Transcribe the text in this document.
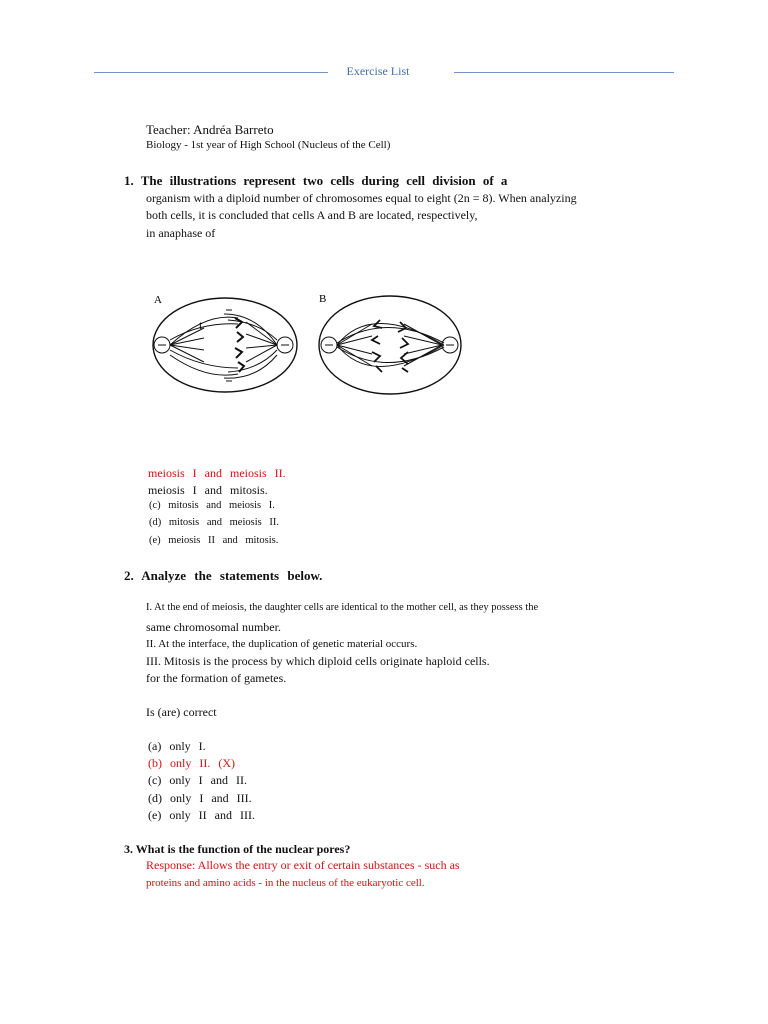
Exercise List
Teacher: Andréa Barreto
Biology - 1st year of High School (Nucleus of the Cell)
1. The illustrations represent two cells during cell division of a
organism with a diploid number of chromosomes equal to eight (2n = 8). When analyzing
both cells, it is concluded that cells A and B are located, respectively,
in anaphase of
A	B
t
meiosis I and meiosis II.
meiosis I and mitosis.
(c) mitosis and meiosis I.
(d) mitosis and meiosis II.
(e) meiosis II and mitosis.
2. Analyze the statements below.
I. At the end of meiosis, the daughter cells are identical to the mother cell, as they possess the
same chromosomal number.
II. At the interface, the duplication of genetic material occurs.
III. Mitosis is the process by which diploid cells originate haploid cells.
for the formation of gametes.
Is (are) correct
(a) only I.
(b) only II. (X)
(c) only I and II.
(d) only I and III.
(e) only II and III.
3. What is the function of the nuclear pores?
Response: Allows the entry or exit of certain substances - such as
proteins and amino acids - in the nucleus of the eukaryotic cell.
